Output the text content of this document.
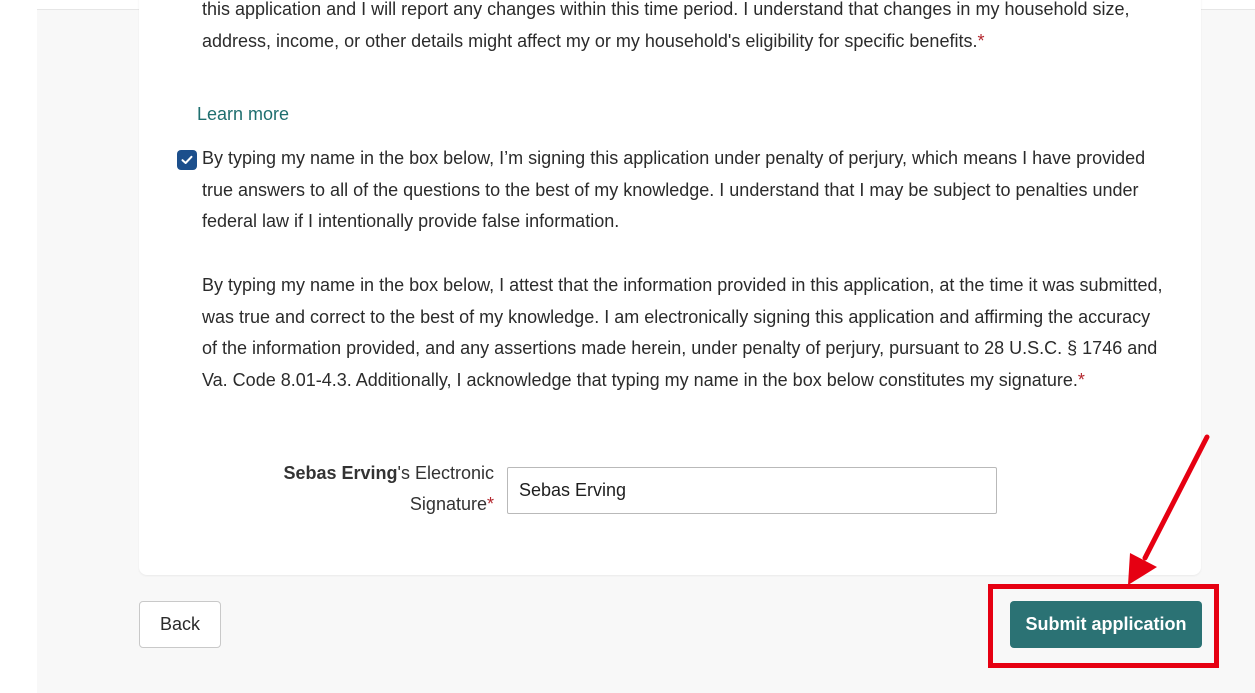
this application and I will report any changes within this time period. I understand that changes in my household size, address, income, or other details might affect my or my household's eligibility for specific benefits.*
Learn more
By typing my name in the box below, I’m signing this application under penalty of perjury, which means I have provided true answers to all of the questions to the best of my knowledge. I understand that I may be subject to penalties under federal law if I intentionally provide false information.
By typing my name in the box below, I attest that the information provided in this application, at the time it was submitted, was true and correct to the best of my knowledge. I am electronically signing this application and affirming the accuracy of the information provided, and any assertions made herein, under penalty of perjury, pursuant to 28 U.S.C. § 1746 and Va. Code 8.01-4.3. Additionally, I acknowledge that typing my name in the box below constitutes my signature.*
Sebas Erving's Electronic Signature*
Sebas Erving
Back	Submit application
